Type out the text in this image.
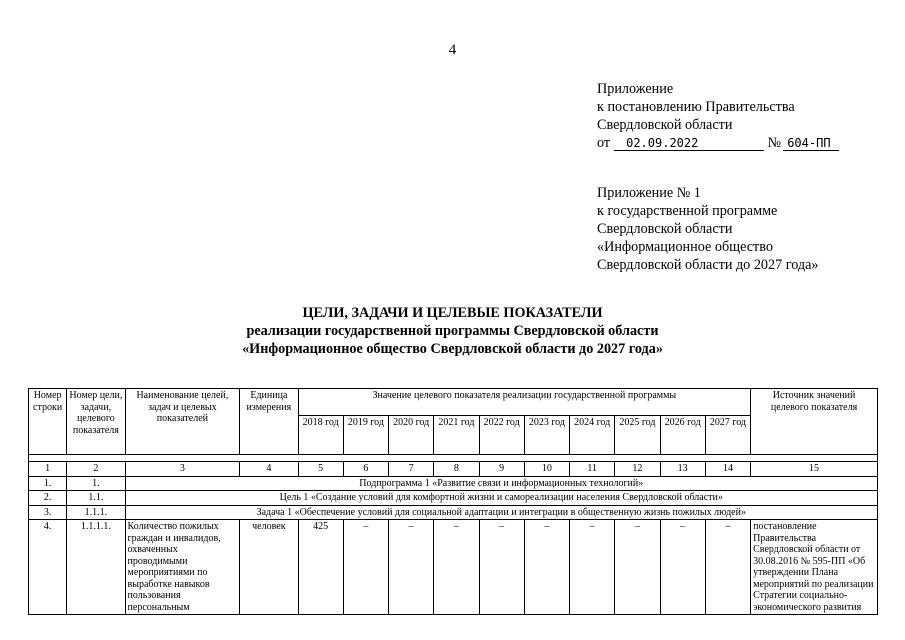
4
Приложение
к постановлению Правительства
Свердловской области
от 02.09.2022	№ 604-ПП
Приложение № 1
к государственной программе
Свердловской области
«Информационное общество
Свердловской области до 2027 года»
ЦЕЛИ, ЗАДАЧИ И ЦЕЛЕВЫЕ ПОКАЗАТЕЛИ
реализации государственной программы Свердловской области
«Информационное общество Свердловской области до 2027 года»
Номер строки	Номер цели, задачи, целевого показателя	Наименование целей, задач и целевых показателей	Единица измерения	Значение целевого показателя реализации государственной программы										Источник значений целевого показателя
				2018 год	2019 год	2020 год	2021 год	2022 год	2023 год	2024 год	2025 год	2026 год	2027 год	

1	2	3	4	5	6	7	8	9	10	11	12	13	14	15
1.	1.	Подпрограмма 1 «Развитие связи и информационных технологий»												
2.	1.1.	Цель 1 «Создание условий для комфортной жизни и самореализации населения Свердловской области»												
3.	1.1.1.	Задача 1 «Обеспечение условий для социальной адаптации и интеграции в общественную жизнь пожилых людей»												
4.	1.1.1.1.	Количество пожилых граждан и инвалидов, охваченных проводимыми мероприятиями по выработке навыков пользования персональным	человек	425	–	–	–	–	–	–	–	–	–	постановление Правительства Свердловской области от 30.08.2016 № 595-ПП «Об утверждении Плана мероприятий по реализации Стратегии социально-экономического развития
